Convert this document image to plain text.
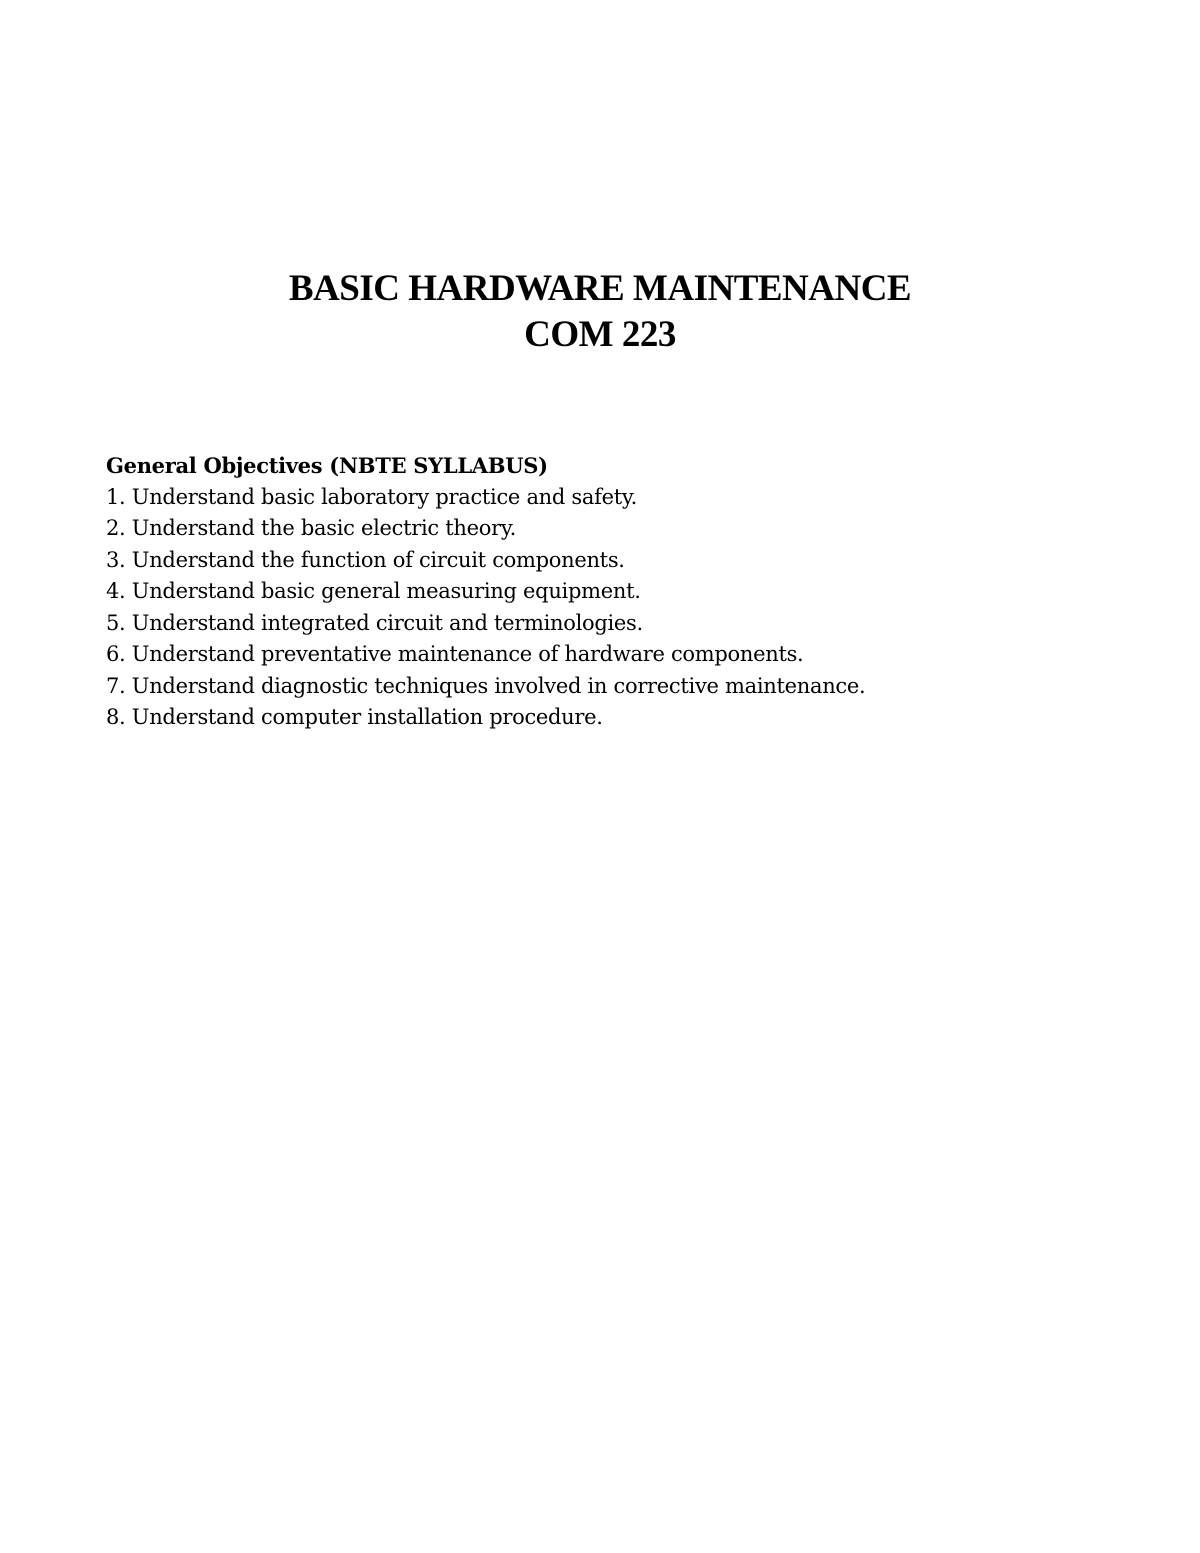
BASIC HARDWARE MAINTENANCE
COM 223
General Objectives (NBTE SYLLABUS)
1. Understand basic laboratory practice and safety.
2. Understand the basic electric theory.
3. Understand the function of circuit components.
4. Understand basic general measuring equipment.
5. Understand integrated circuit and terminologies.
6. Understand preventative maintenance of hardware components.
7. Understand diagnostic techniques involved in corrective maintenance.
8. Understand computer installation procedure.
